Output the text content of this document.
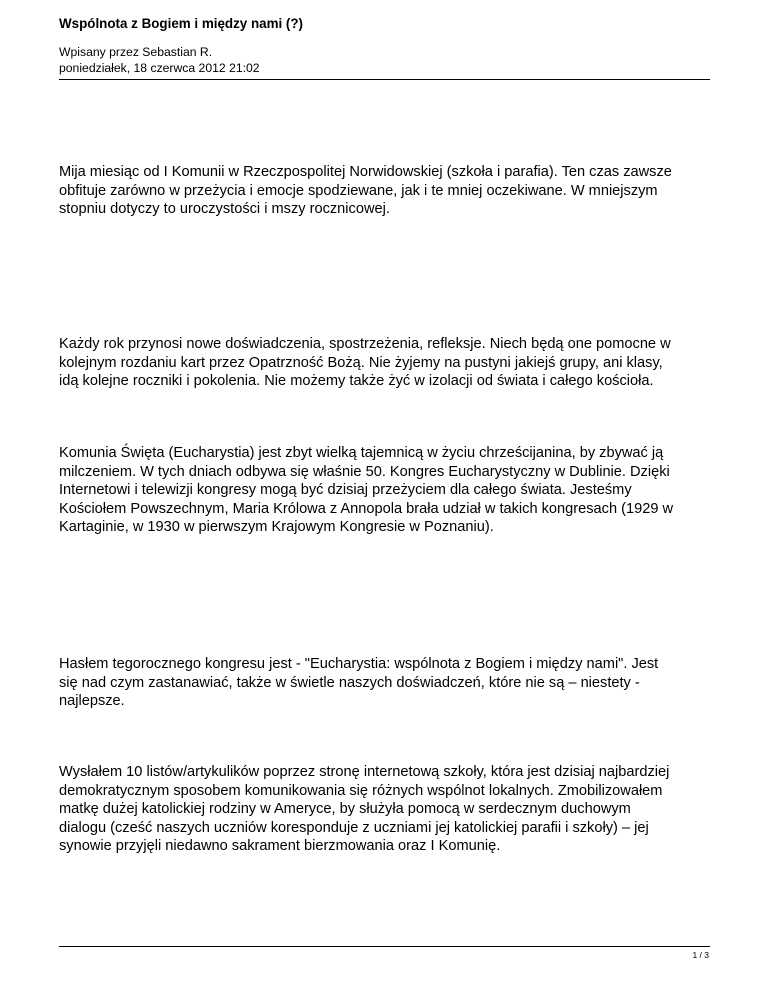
Wspólnota z Bogiem i między nami (?)
Wpisany przez Sebastian R.
poniedziałek, 18 czerwca 2012 21:02

Mija miesiąc od I Komunii w Rzeczpospolitej Norwidowskiej (szkoła i parafia). Ten czas zawsze
obfituje zarówno w przeżycia i emocje spodziewane, jak i te mniej oczekiwane. W mniejszym
stopniu dotyczy to uroczystości i mszy rocznicowej.

Każdy rok przynosi nowe doświadczenia, spostrzeżenia, refleksje. Niech będą one pomocne w
kolejnym rozdaniu kart przez Opatrzność Bożą. Nie żyjemy na pustyni jakiejś grupy, ani klasy,
idą kolejne roczniki i pokolenia. Nie możemy także żyć w izolacji od świata i całego kościoła.

Komunia Święta (Eucharystia) jest zbyt wielką tajemnicą w życiu chrześcijanina, by zbywać ją
milczeniem. W tych dniach odbywa się właśnie 50. Kongres Eucharystyczny w Dublinie. Dzięki
Internetowi i telewizji kongresy mogą być dzisiaj przeżyciem dla całego świata. Jesteśmy
Kościołem Powszechnym, Maria Królowa z Annopola brała udział w takich kongresach (1929 w
Kartaginie, w 1930 w pierwszym Krajowym Kongresie w Poznaniu).

Hasłem tegorocznego kongresu jest - "Eucharystia: wspólnota z Bogiem i między nami". Jest
się nad czym zastanawiać, także w świetle naszych doświadczeń, które nie są – niestety -
najlepsze.

Wysłałem 10 listów/artykulików poprzez stronę internetową szkoły, która jest dzisiaj najbardziej
demokratycznym sposobem komunikowania się różnych wspólnot lokalnych. Zmobilizowałem
matkę dużej katolickiej rodziny w Ameryce, by służyła pomocą w serdecznym duchowym
dialogu (cześć naszych uczniów koresponduje z uczniami jej katolickiej parafii i szkoły) – jej
synowie przyjęli niedawno sakrament bierzmowania oraz I Komunię.

1 / 3
